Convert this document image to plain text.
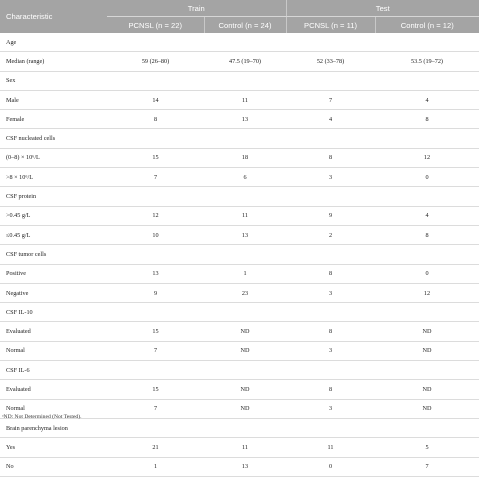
Characteristic	Train		Test	
	PCNSL (n = 22)	Control (n = 24)	PCNSL (n = 11)	Control (n = 12)
Age				
Median (range)	59 (26–80)	47.5 (19–70)	52 (33–78)	53.5 (19–72)
Sex				
Male	14	11	7	4
Female	8	13	4	8
CSF nucleated cells				
(0–8) × 10⁶/L	15	18	8	12
>8 × 10⁶/L	7	6	3	0
CSF protein				
>0.45 g/L	12	11	9	4
≤0.45 g/L	10	13	2	8
CSF tumor cells				
Positive	13	1	8	0
Negative	9	23	3	12
CSF IL-10				
Evaluated	15	ND	8	ND
Normal	7	ND	3	ND
CSF IL-6				
Evaluated	15	ND	8	ND
Normal	7	ND	3	ND
Brain parenchyma lesion				
Yes	21	11	11	5
No	1	13	0	7
ᵃND: Not Determined (Not Tested).
